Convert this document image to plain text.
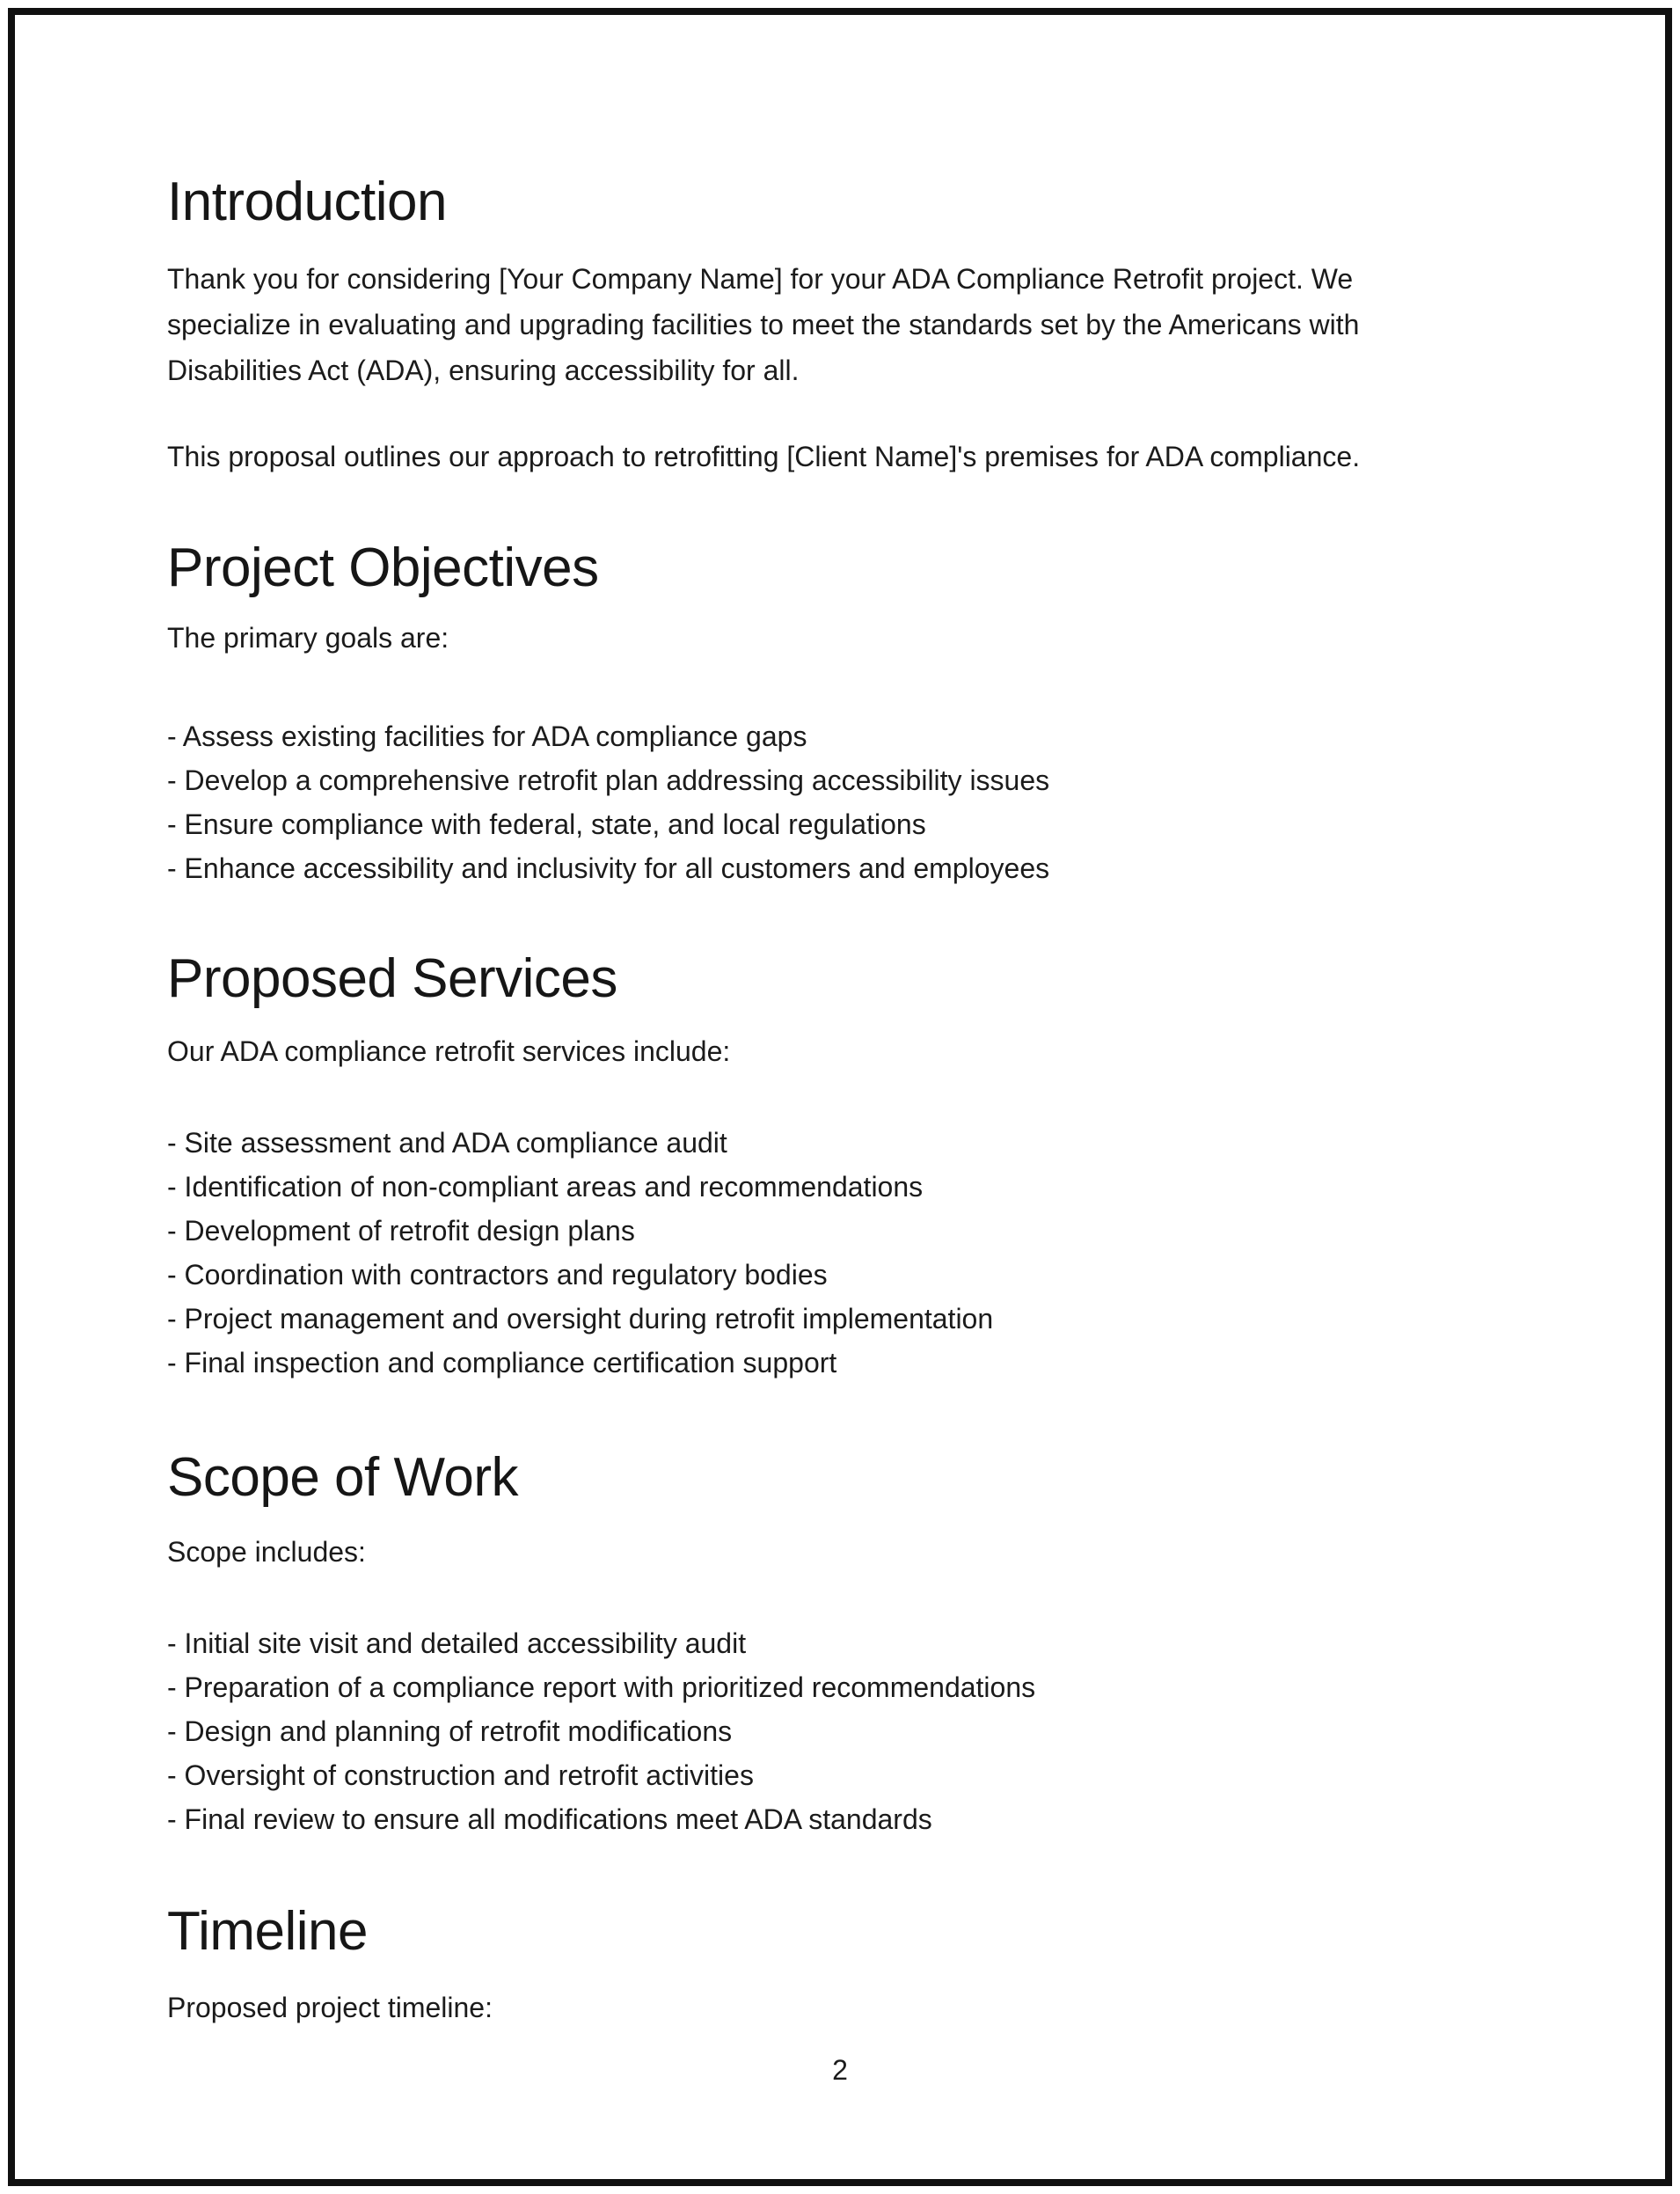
Introduction
Thank you for considering [Your Company Name] for your ADA Compliance Retrofit project. We
specialize in evaluating and upgrading facilities to meet the standards set by the Americans with
Disabilities Act (ADA), ensuring accessibility for all.
This proposal outlines our approach to retrofitting [Client Name]'s premises for ADA compliance.
Project Objectives
The primary goals are:
- Assess existing facilities for ADA compliance gaps
- Develop a comprehensive retrofit plan addressing accessibility issues
- Ensure compliance with federal, state, and local regulations
- Enhance accessibility and inclusivity for all customers and employees
Proposed Services
Our ADA compliance retrofit services include:
- Site assessment and ADA compliance audit
- Identification of non-compliant areas and recommendations
- Development of retrofit design plans
- Coordination with contractors and regulatory bodies
- Project management and oversight during retrofit implementation
- Final inspection and compliance certification support
Scope of Work
Scope includes:
- Initial site visit and detailed accessibility audit
- Preparation of a compliance report with prioritized recommendations
- Design and planning of retrofit modifications
- Oversight of construction and retrofit activities
- Final review to ensure all modifications meet ADA standards
Timeline
Proposed project timeline:
2
